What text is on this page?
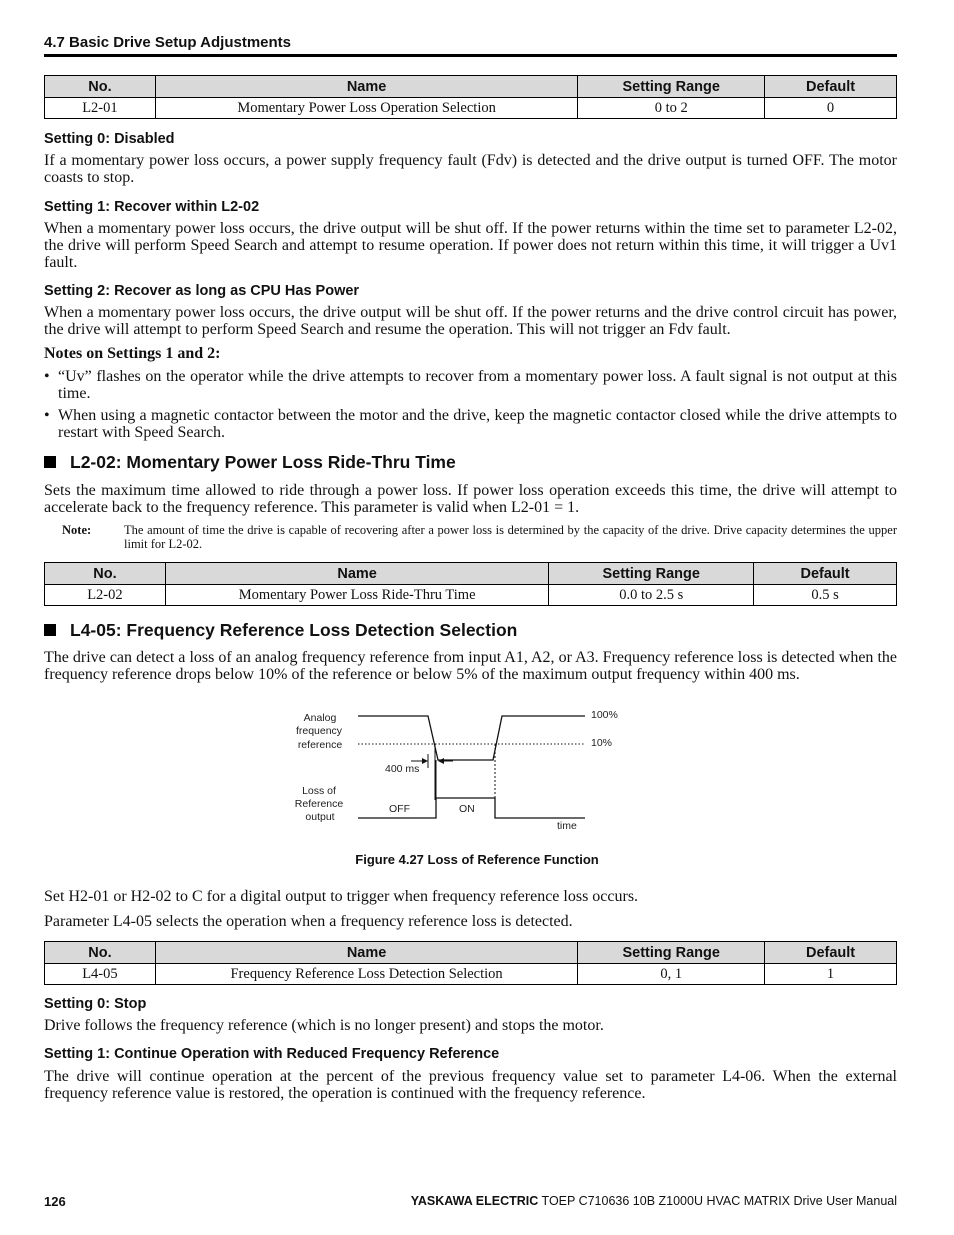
4.7 Basic Drive Setup Adjustments
No.	Name	Setting Range	Default
L2-01	Momentary Power Loss Operation Selection	0 to 2	0
Setting 0: Disabled
If a momentary power loss occurs, a power supply frequency fault (Fdv) is detected and the drive output is turned OFF. The motor coasts to stop.
Setting 1: Recover within L2-02
When a momentary power loss occurs, the drive output will be shut off. If the power returns within the time set to parameter L2-02, the drive will perform Speed Search and attempt to resume operation. If power does not return within this time, it will trigger a Uv1 fault.
Setting 2: Recover as long as CPU Has Power
When a momentary power loss occurs, the drive output will be shut off. If the power returns and the drive control circuit has power, the drive will attempt to perform Speed Search and resume the operation. This will not trigger an Fdv fault.
Notes on Settings 1 and 2:
• “Uv” flashes on the operator while the drive attempts to recover from a momentary power loss. A fault signal is not output at this time.
• When using a magnetic contactor between the motor and the drive, keep the magnetic contactor closed while the drive attempts to restart with Speed Search.
L2-02: Momentary Power Loss Ride-Thru Time
Sets the maximum time allowed to ride through a power loss. If power loss operation exceeds this time, the drive will attempt to accelerate back to the frequency reference. This parameter is valid when L2-01 = 1.
Note:	The amount of time the drive is capable of recovering after a power loss is determined by the capacity of the drive. Drive capacity determines the upper limit for L2-02.
No.	Name	Setting Range	Default
L2-02	Momentary Power Loss Ride-Thru Time	0.0 to 2.5 s	0.5 s
L4-05: Frequency Reference Loss Detection Selection
The drive can detect a loss of an analog frequency reference from input A1, A2, or A3. Frequency reference loss is detected when the frequency reference drops below 10% of the reference or below 5% of the maximum output frequency within 400 ms.
Analog
frequency
reference
Loss of
Reference
output
100%
10%
400 ms
OFF	ON
time
Figure 4.27 Loss of Reference Function
Set H2-01 or H2-02 to C for a digital output to trigger when frequency reference loss occurs.
Parameter L4-05 selects the operation when a frequency reference loss is detected.
No.	Name	Setting Range	Default
L4-05	Frequency Reference Loss Detection Selection	0, 1	1
Setting 0: Stop
Drive follows the frequency reference (which is no longer present) and stops the motor.
Setting 1: Continue Operation with Reduced Frequency Reference
The drive will continue operation at the percent of the previous frequency value set to parameter L4-06. When the external frequency reference value is restored, the operation is continued with the frequency reference.
126	YASKAWA ELECTRIC TOEP C710636 10B Z1000U HVAC MATRIX Drive User Manual
